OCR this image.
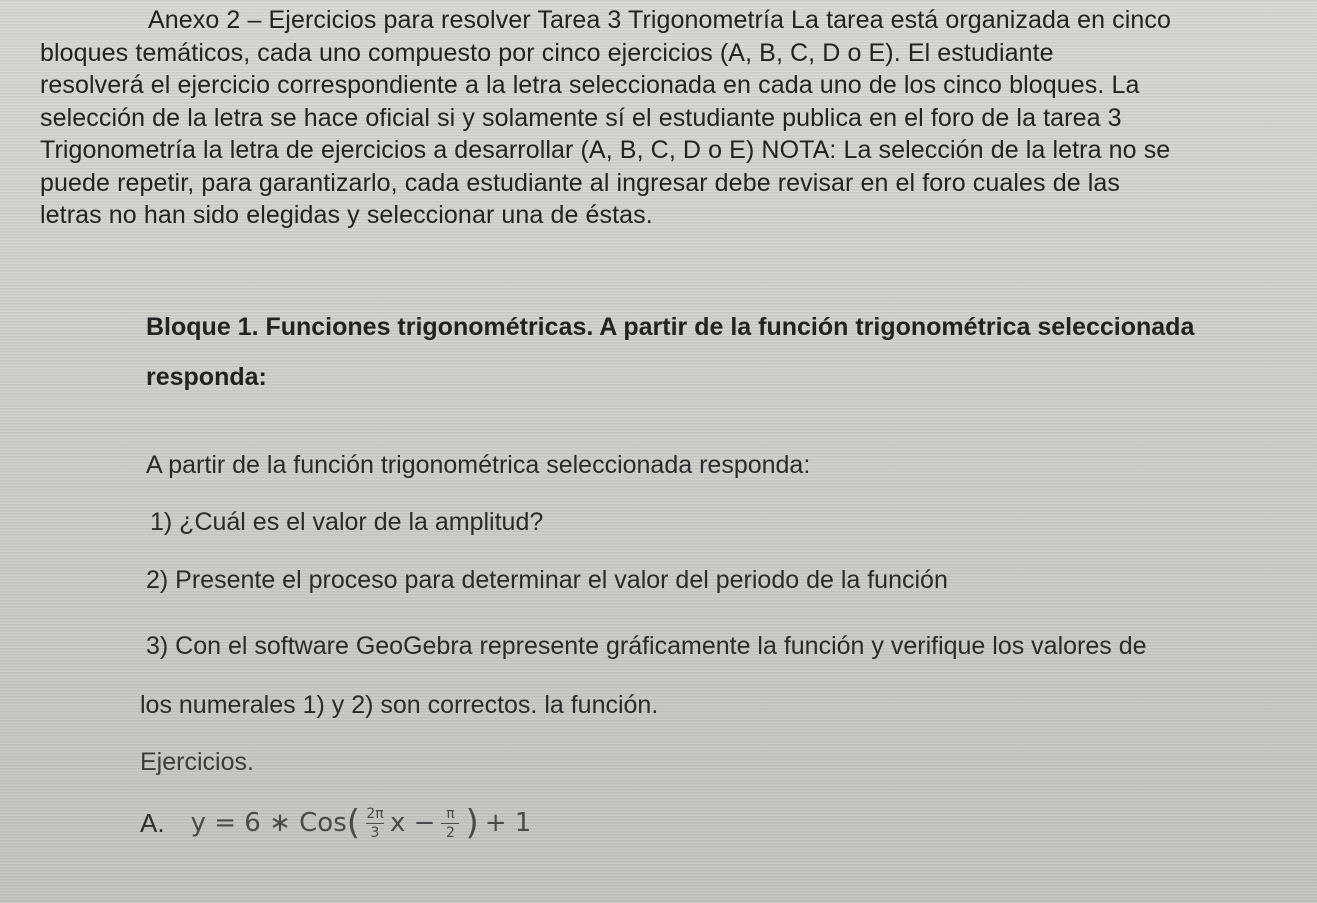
Anexo 2 – Ejercicios para resolver Tarea 3 Trigonometría La tarea está organizada en cinco
bloques temáticos, cada uno compuesto por cinco ejercicios (A, B, C, D o E). El estudiante
resolverá el ejercicio correspondiente a la letra seleccionada en cada uno de los cinco bloques. La
selección de la letra se hace oficial si y solamente sí el estudiante publica en el foro de la tarea 3
Trigonometría la letra de ejercicios a desarrollar (A, B, C, D o E) NOTA: La selección de la letra no se
puede repetir, para garantizarlo, cada estudiante al ingresar debe revisar en el foro cuales de las
letras no han sido elegidas y seleccionar una de éstas.
Bloque 1. Funciones trigonométricas. A partir de la función trigonométrica seleccionada
responda:
A partir de la función trigonométrica seleccionada responda:
1) ¿Cuál es el valor de la amplitud?
2) Presente el proceso para determinar el valor del periodo de la función
3) Con el software GeoGebra represente gráficamente la función y verifique los valores de
los numerales 1) y 2) son correctos. la función.
Ejercicios.
A. y = 6 ∗ Cos ( $\frac{2\pi}{3}$ $x - \frac{\pi}{2}$ ) + 1
